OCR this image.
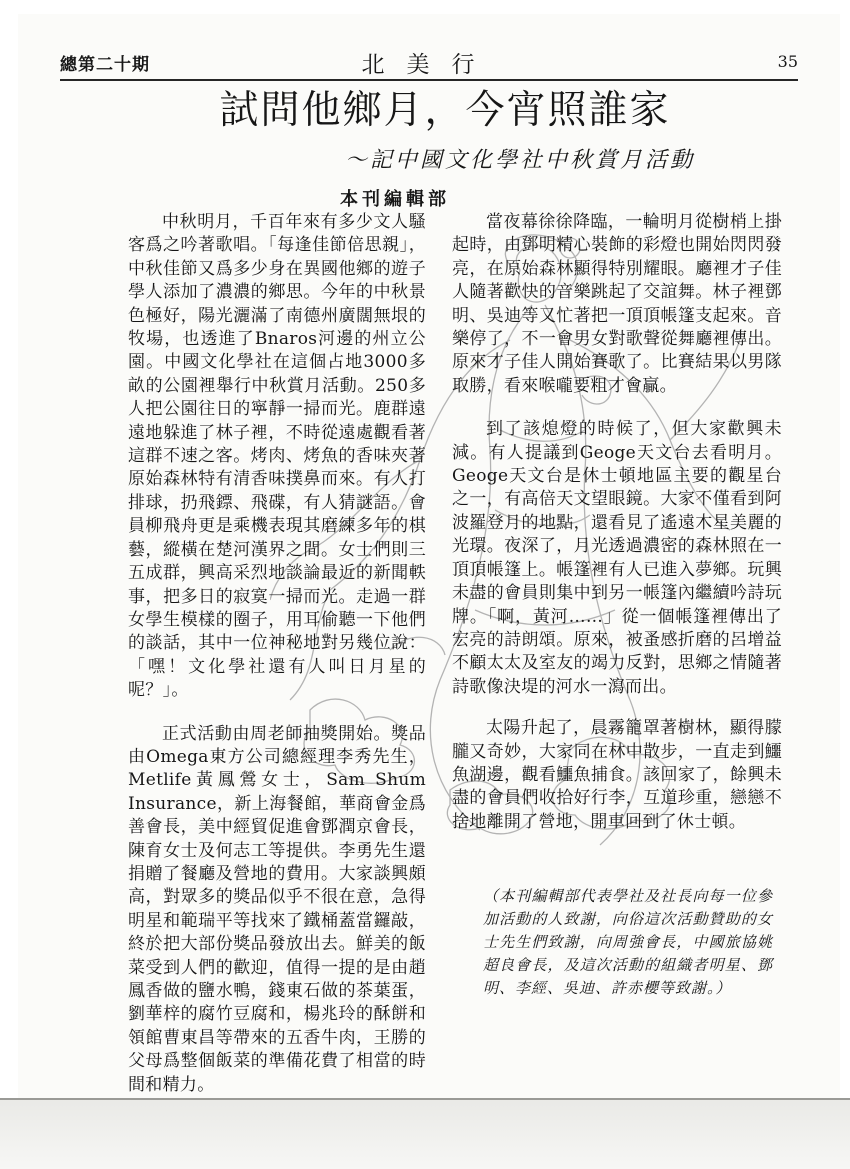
總第二十期	北美行	35
試問他鄉月，今宵照誰家
～記中國文化學社中秋賞月活動
本刊編輯部

中秋明月，千百年來有多少文人騷客爲之吟著歌唱。「每逢佳節倍思親」，中秋佳節又爲多少身在異國他鄉的遊子學人添加了濃濃的鄉思。今年的中秋景色極好，陽光灑滿了南德州廣闊無垠的牧場，也透進了Bnaros河邊的州立公園。中國文化學社在這個占地3000多畝的公園裡舉行中秋賞月活動。250多人把公園往日的寧靜一掃而光。鹿群遠遠地躲進了林子裡，不時從遠處觀看著這群不速之客。烤肉、烤魚的香味夾著原始森林特有清香味撲鼻而來。有人打排球，扔飛鏢、飛碟，有人猜謎語。會員柳飛舟更是乘機表現其磨練多年的棋藝，縱橫在楚河漢界之間。女士們則三五成群，興高采烈地談論最近的新聞軼事，把多日的寂寞一掃而光。走過一群女學生模樣的圈子，用耳偷聽一下他們的談話，其中一位神秘地對另幾位說：「嘿！文化學社還有人叫日月星的呢？」。

正式活動由周老師抽獎開始。獎品由Omega東方公司總經理李秀先生，Metlife黃鳳鶯女士，Sam Shum Insurance，新上海餐館，華商會金爲善會長，美中經貿促進會鄧潤京會長，陳育女士及何志工等提供。李勇先生還捐贈了餐廳及營地的費用。大家談興頗高，對眾多的獎品似乎不很在意，急得明星和範瑞平等找來了鐵桶蓋當鑼敲，終於把大部份獎品發放出去。鮮美的飯菜受到人們的歡迎，值得一提的是由趙鳳香做的鹽水鴨，錢東石做的茶葉蛋，劉華梓的腐竹豆腐和，楊兆玲的酥餅和領館曹東昌等帶來的五香牛肉，王勝的父母爲整個飯菜的準備花費了相當的時間和精力。

當夜幕徐徐降臨，一輪明月從樹梢上掛起時，由鄧明精心裝飾的彩燈也開始閃閃發亮，在原始森林顯得特別耀眼。廳裡才子佳人隨著歡快的音樂跳起了交誼舞。林子裡鄧明、吳迪等又忙著把一頂頂帳篷支起來。音樂停了，不一會男女對歌聲從舞廳裡傳出。原來才子佳人開始賽歌了。比賽結果以男隊取勝，看來喉嚨要粗才會贏。

到了該熄燈的時候了，但大家歡興未減。有人提議到Geoge天文台去看明月。Geoge天文台是休士頓地區主要的觀星台之一，有高倍天文望眼鏡。大家不僅看到阿波羅登月的地點，還看見了遙遠木星美麗的光環。夜深了，月光透過濃密的森林照在一頂頂帳篷上。帳篷裡有人已進入夢鄉。玩興未盡的會員則集中到另一帳篷內繼續吟詩玩牌。「啊，黃河……」從一個帳篷裡傳出了宏亮的詩朗頌。原來，被蚤感折磨的呂增益不顧太太及室友的竭力反對，思鄉之情隨著詩歌像決堤的河水一瀉而出。

太陽升起了，晨霧籠罩著樹林，顯得朦朧又奇妙，大家同在林中散步，一直走到鱷魚湖邊，觀看鱷魚捕食。該回家了，餘興未盡的會員們收拾好行李，互道珍重，戀戀不捨地離開了營地，開車回到了休士頓。

（本刊編輯部代表學社及社長向每一位參加活動的人致謝，向俗這次活動贊助的女士先生們致謝，向周強會長，中國旅協姚超良會長，及這次活動的組織者明星、鄧明、李經、吳迪、許赤櫻等致謝。）
